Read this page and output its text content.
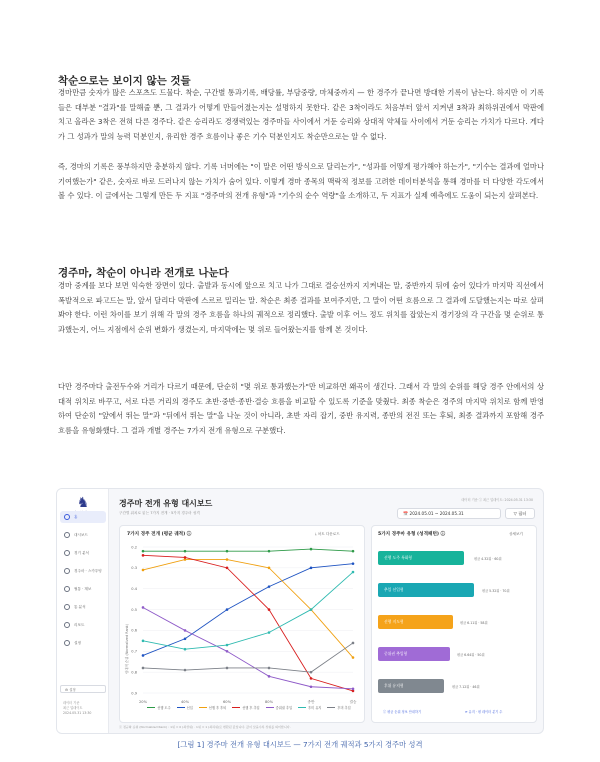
착순으로는 보이지 않는 것들
경마만큼 숫자가 많은 스포츠도 드물다. 착순, 구간별 통과기록, 배당률, 부담중량, 마체중까지 — 한 경주가 끝나면 방대한 기록이 남는다. 하지만 이 기록들은 대부분 "결과"를 말해줄 뿐, 그 결과가 어떻게 만들어졌는지는 설명하지 못한다. 같은 3착이라도 처음부터 앞서 지켜낸 3착과 최하위권에서 막판에 치고 올라온 3착은 전혀 다른 경주다. 같은 승리라도 경쟁력있는 경주마들 사이에서 거둔 승리와 상대적 약체들 사이에서 거둔 승리는 가치가 다르다. 게다가 그 성과가 말의 능력 덕분인지, 유리한 경주 흐름이나 좋은 기수 덕분인지도 착순만으로는 알 수 없다.
즉, 경마의 기록은 풍부하지만 충분하지 않다. 기록 너머에는 "이 말은 어떤 방식으로 달리는가", "성과를 어떻게 평가해야 하는가", "기수는 결과에 얼마나 기여했는가" 같은, 숫자로 바로 드러나지 않는 가치가 숨어 있다. 이렇게 경마 종목의 맥락적 정보를 고려한 데이터분석을 통해 경마를 더 다양한 각도에서 볼 수 있다. 이 글에서는 그렇게 만든 두 지표 "경주마의 전개 유형"과 "기수의 순수 역량"을 소개하고, 두 지표가 실제 예측에도 도움이 되는지 살펴본다.
경주마, 착순이 아니라 전개로 나눈다
경마 중계를 보다 보면 익숙한 장면이 있다. 출발과 동시에 앞으로 치고 나가 그대로 결승선까지 지켜내는 말, 중반까지 뒤에 숨어 있다가 마지막 직선에서 폭발적으로 파고드는 말, 앞서 달리다 막판에 스르르 밀리는 말. 착순은 최종 결과를 보여주지만, 그 말이 어떤 흐름으로 그 결과에 도달했는지는 따로 살펴봐야 한다. 이런 차이를 보기 위해 각 말의 경주 흐름을 하나의 궤적으로 정리했다. 출발 이후 어느 정도 위치를 잡았는지 경기장의 각 구간을 몇 순위로 통과했는지, 어느 지점에서 순위 변화가 생겼는지, 마지막에는 몇 위로 들어왔는지를 함께 본 것이다.
다만 경주마다 출전두수와 거리가 다르기 때문에, 단순히 "몇 위로 통과했는가"만 비교하면 왜곡이 생긴다. 그래서 각 말의 순위를 해당 경주 안에서의 상대적 위치로 바꾸고, 서로 다른 거리의 경주도 초반·중반·종반·결승 흐름을 비교할 수 있도록 기준을 맞췄다. 최종 착순은 경주의 마지막 위치로 함께 반영하여 단순히 "앞에서 뛰는 말"과 "뒤에서 뛰는 말"을 나눈 것이 아니라, 초반 자리 잡기, 중반 유지력, 종반의 전진 또는 후퇴, 최종 결과까지 포함해 경주 흐름을 유형화했다. 그 결과 개별 경주는 7가지 전개 유형으로 구분했다.
♞
홈
대시보드
경기 분석
경주마 · 스카우팅
혈통 · 계보
통 분석
리포트
설정
⚙ 설정
데이터 기준
최근 업데이트
2024.05.31 13:30
경주마 전개 유형 대시보드
구간별 위치로 읽는 7가지 전개 · 5가지 경주마 성격
데이터 기준 ⓘ 최근 업데이트: 2024.05.31 13:30
📅 2024.05.01 ~ 2024.05.31	▽ 필터
7가지 경주 전개 (평균 궤적) ⓘ	⤓ 차트 다운로드
0.2
0.3
0.4
0.5
0.6
0.7
0.8
0.9
20%	40%	60%	80%	종반	결승
상대적 순위 (Normalized Rank)
선행 도주	선입	선행 후 후퇴	선행 후 추입	중위권 추입	후미 유지	후미 추입
5가지 경주마 유형 (성격패턴) ⓘ	상세보기
선행 도주 특화형	평균 4.32위 · 60위
추입 선입형	평균 5.32위 · 70위
선행 지도형	평균 6.11위 · 58위
중위권 추입형	평균 6.64위 · 50위
후위 유지형	평균 7.12위 · 46위
ⓘ 평균 순위 정보 안내하기	⟳ 유지 · 평 데이터 분기 수
ⓘ 정규화 순위 (Normalized Rank) : 1위 = 0 (최상위) · 1위 = 1 (최하위)로 변환된 값입니다. 값이 낮을수록 상위를 의미합니다.
[그림 1] 경주마 전개 유형 대시보드 — 7가지 전개 궤적과 5가지 경주마 성격
